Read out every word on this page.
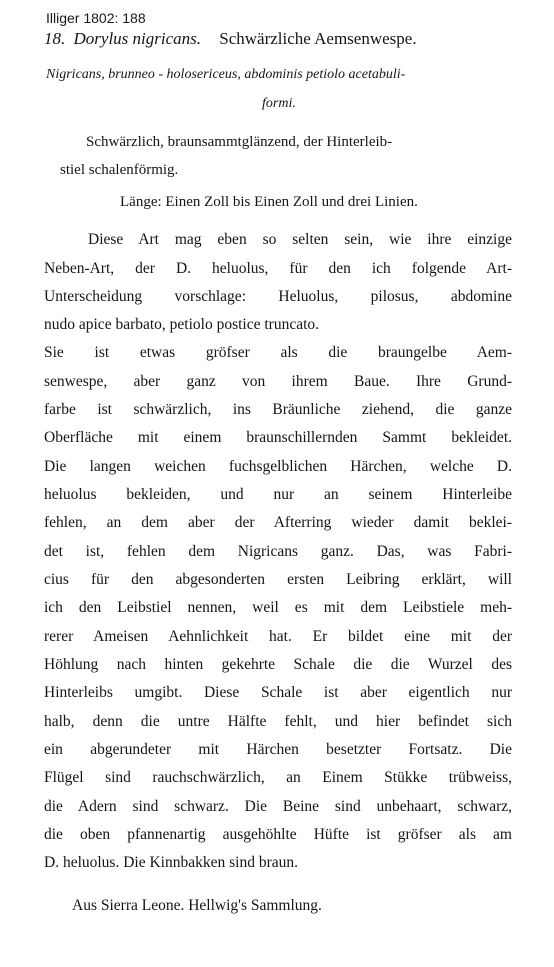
Illiger 1802: 188
18. Dorylus nigricans. Schwärzliche Aemsenwespe.
Nigricans, brunneo - holosericeus, abdominis petiolo acetabuli-
formi.
Schwärzlich, braunsammtglänzend, der Hinterleib-
stiel schalenförmig.
Länge: Einen Zoll bis Einen Zoll und drei Linien.
Diese Art mag eben so selten sein, wie ihre einzige
Neben-Art, der D. heluolus, für den ich folgende Art-
Unterscheidung vorschlage: Heluolus, pilosus, abdomine
nudo apice barbato, petiolo postice truncato.
Sie ist etwas gröfser als die braungelbe Aem-
senwespe, aber ganz von ihrem Baue. Ihre Grund-
farbe ist schwärzlich, ins Bräunliche ziehend, die ganze
Oberfläche mit einem braunschillernden Sammt bekleidet.
Die langen weichen fuchsgelblichen Härchen, welche D.
heluolus bekleiden, und nur an seinem Hinterleibe
fehlen, an dem aber der Afterring wieder damit beklei-
det ist, fehlen dem Nigricans ganz. Das, was Fabri-
cius für den abgesonderten ersten Leibring erklärt, will
ich den Leibstiel nennen, weil es mit dem Leibstiele meh-
rerer Ameisen Aehnlichkeit hat. Er bildet eine mit der
Höhlung nach hinten gekehrte Schale die die Wurzel des
Hinterleibs umgibt. Diese Schale ist aber eigentlich nur
halb, denn die untre Hälfte fehlt, und hier befindet sich
ein abgerundeter mit Härchen besetzter Fortsatz. Die
Flügel sind rauchschwärzlich, an Einem Stükke trübweiss,
die Adern sind schwarz. Die Beine sind unbehaart, schwarz,
die oben pfannenartig ausgehöhlte Hüfte ist gröfser als am
D. heluolus. Die Kinnbakken sind braun.
Aus Sierra Leone. Hellwig's Sammlung.
